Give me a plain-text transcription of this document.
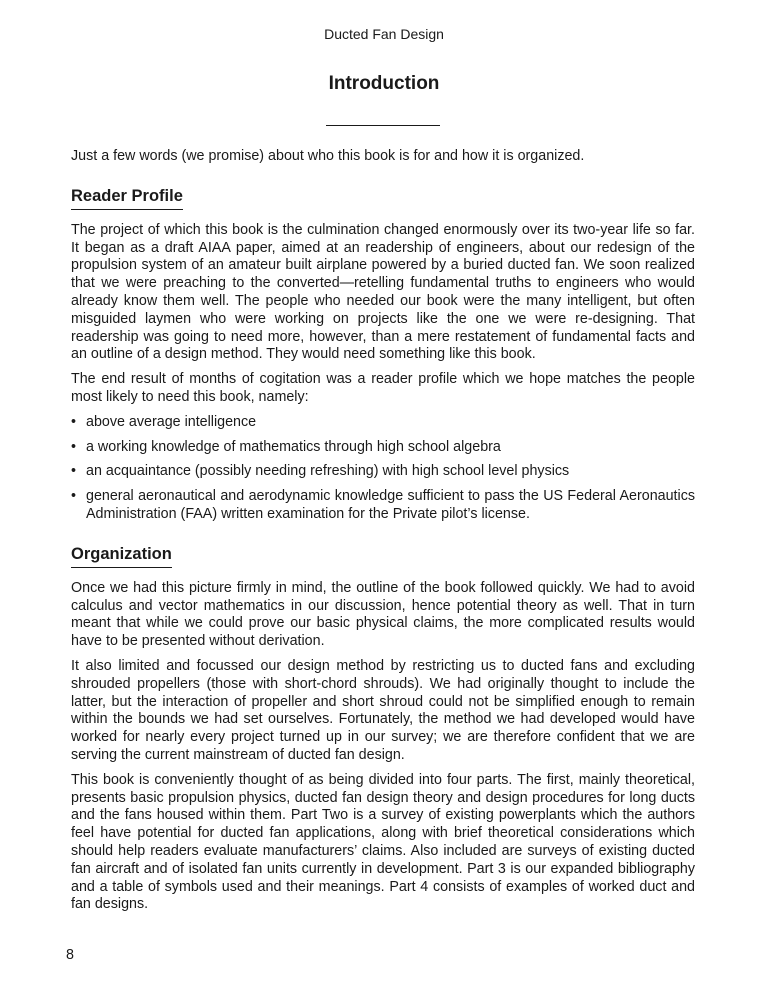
Ducted Fan Design
Introduction

Just a few words (we promise) about who this book is for and how it is organized.

Reader Profile

The project of which this book is the culmination changed enormously over its two-year life so far. It began as a draft AIAA paper, aimed at an readership of engineers, about our redesign of the propulsion system of an amateur built airplane powered by a buried ducted fan. We soon realized that we were preaching to the converted—retelling fundamental truths to engineers who would already know them well. The people who needed our book were the many intelligent, but often misguided laymen who were working on projects like the one we were re-designing. That readership was going to need more, however, than a mere restatement of fundamental facts and an outline of a design method. They would need something like this book.

The end result of months of cogitation was a reader profile which we hope matches the people most likely to need this book, namely:

• above average intelligence
• a working knowledge of mathematics through high school algebra
• an acquaintance (possibly needing refreshing) with high school level physics
• general aeronautical and aerodynamic knowledge sufficient to pass the US Federal Aeronautics Administration (FAA) written examination for the Private pilot’s license.
Organization

Once we had this picture firmly in mind, the outline of the book followed quickly. We had to avoid calculus and vector mathematics in our discussion, hence potential theory as well. That in turn meant that while we could prove our basic physical claims, the more complicated results would have to be presented without derivation.

It also limited and focussed our design method by restricting us to ducted fans and excluding shrouded propellers (those with short-chord shrouds). We had originally thought to include the latter, but the interaction of propeller and short shroud could not be simplified enough to remain within the bounds we had set ourselves. Fortunately, the method we had developed would have worked for nearly every project turned up in our survey; we are therefore confident that we are serving the current mainstream of ducted fan design.

This book is conveniently thought of as being divided into four parts. The first, mainly theoretical, presents basic propulsion physics, ducted fan design theory and design procedures for long ducts and the fans housed within them. Part Two is a survey of existing powerplants which the authors feel have potential for ducted fan applications, along with brief theoretical considerations which should help readers evaluate manufacturers’ claims. Also included are surveys of existing ducted fan aircraft and of isolated fan units currently in development. Part 3 is our expanded bibliography and a table of symbols used and their meanings. Part 4 consists of examples of worked duct and fan designs.

8
